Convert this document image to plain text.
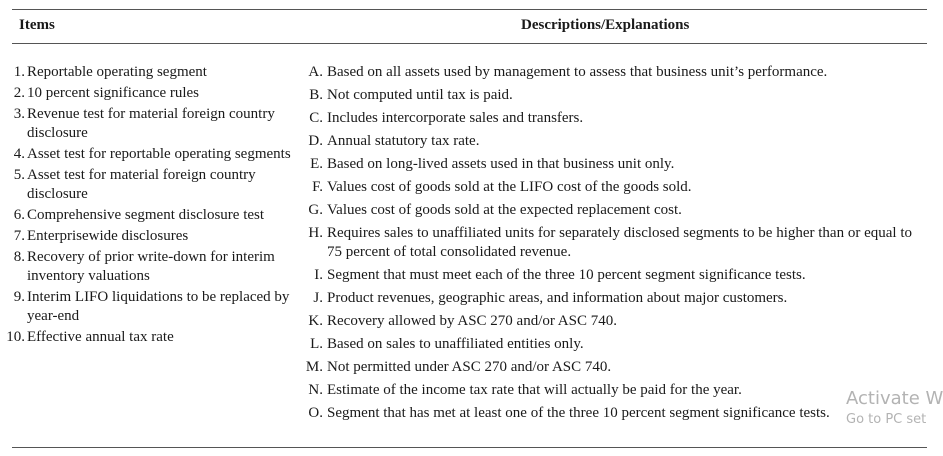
Items	Descriptions/Explanations
1. Reportable operating segment
2. 10 percent significance rules
3. Revenue test for material foreign country disclosure
4. Asset test for reportable operating segments
5. Asset test for material foreign country disclosure
6. Comprehensive segment disclosure test
7. Enterprisewide disclosures
8. Recovery of prior write-down for interim inventory valuations
9. Interim LIFO liquidations to be replaced by year-end
10. Effective annual tax rate
A. Based on all assets used by management to assess that business unit’s performance.
B. Not computed until tax is paid.
C. Includes intercorporate sales and transfers.
D. Annual statutory tax rate.
E. Based on long-lived assets used in that business unit only.
F. Values cost of goods sold at the LIFO cost of the goods sold.
G. Values cost of goods sold at the expected replacement cost.
H. Requires sales to unaffiliated units for separately disclosed segments to be higher than or equal to 75 percent of total consolidated revenue.
I. Segment that must meet each of the three 10 percent segment significance tests.
J. Product revenues, geographic areas, and information about major customers.
K. Recovery allowed by ASC 270 and/or ASC 740.
L. Based on sales to unaffiliated entities only.
M. Not permitted under ASC 270 and/or ASC 740.
N. Estimate of the income tax rate that will actually be paid for the year.
O. Segment that has met at least one of the three 10 percent segment significance tests.
Activate W
Go to PC set
